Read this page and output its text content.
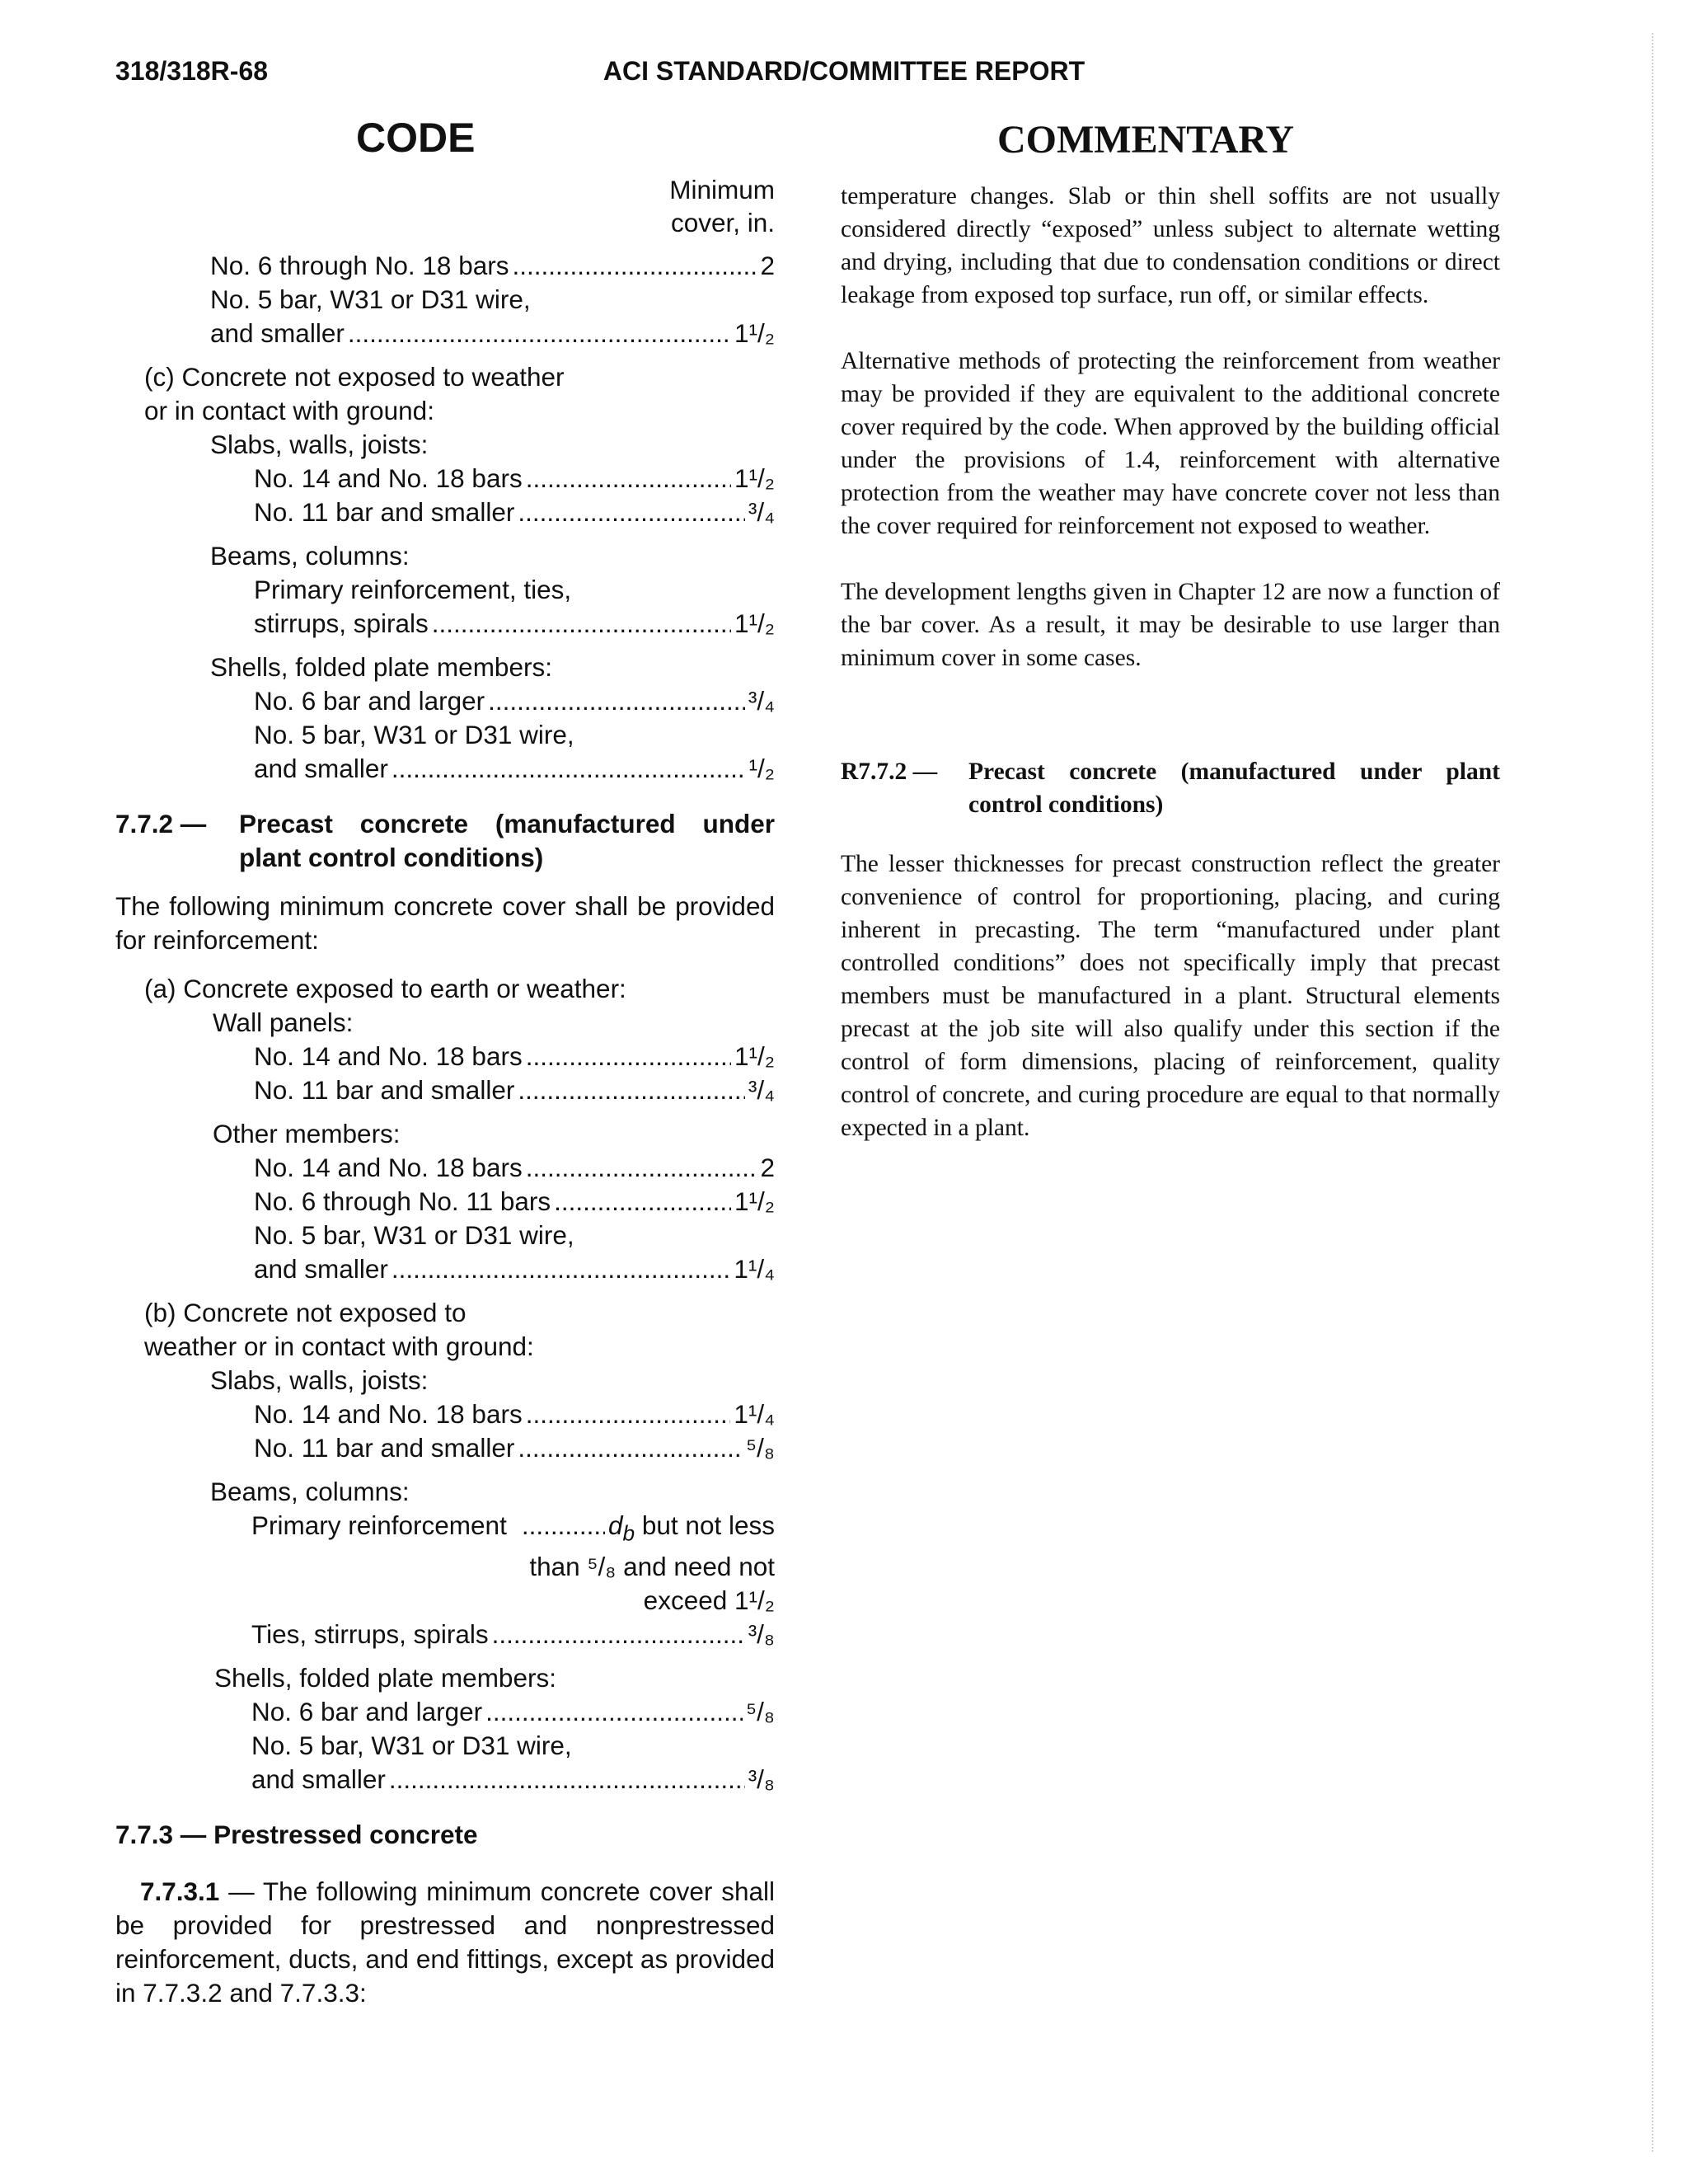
318/318R-68	ACI STANDARD/COMMITTEE REPORT
CODE	COMMENTARY
Minimum
cover, in.
No. 6 through No. 18 bars .....	2
No. 5 bar, W31 or D31 wire,
and smaller .....	1¹/₂
(c) Concrete not exposed to weather
or in contact with ground:
Slabs, walls, joists:
No. 14 and No. 18 bars .....	1¹/₂
No. 11 bar and smaller .....	³/₄
Beams, columns:
Primary reinforcement, ties,
stirrups, spirals .....	1¹/₂
Shells, folded plate members:
No. 6 bar and larger .....	³/₄
No. 5 bar, W31 or D31 wire,
and smaller .....	¹/₂
7.7.2 —	Precast concrete (manufactured under plant control conditions)
The following minimum concrete cover shall be provided for reinforcement:
(a) Concrete exposed to earth or weather:
Wall panels:
No. 14 and No. 18 bars .....	1¹/₂
No. 11 bar and smaller .....	³/₄
Other members:
No. 14 and No. 18 bars .....	2
No. 6 through No. 11 bars .....	1¹/₂
No. 5 bar, W31 or D31 wire,
and smaller .....	1¹/₄
(b) Concrete not exposed to
weather or in contact with ground:
Slabs, walls, joists:
No. 14 and No. 18 bars .....	1¹/₄
No. 11 bar and smaller .....	⁵/₈
Beams, columns:
Primary reinforcement .....	$d_b$ but not less
than ⁵/₈ and need not
exceed 1¹/₂
Ties, stirrups, spirals .....	³/₈
Shells, folded plate members:
No. 6 bar and larger .....	⁵/₈
No. 5 bar, W31 or D31 wire,
and smaller .....	³/₈
7.7.3 — Prestressed concrete
7.7.3.1 — The following minimum concrete cover shall be provided for prestressed and nonprestressed reinforcement, ducts, and end fittings, except as provided in 7.7.3.2 and 7.7.3.3:

temperature changes. Slab or thin shell soffits are not usually considered directly “exposed” unless subject to alternate wetting and drying, including that due to condensation conditions or direct leakage from exposed top surface, run off, or similar effects.

Alternative methods of protecting the reinforcement from weather may be provided if they are equivalent to the additional concrete cover required by the code. When approved by the building official under the provisions of 1.4, reinforcement with alternative protection from the weather may have concrete cover not less than the cover required for reinforcement not exposed to weather.

The development lengths given in Chapter 12 are now a function of the bar cover. As a result, it may be desirable to use larger than minimum cover in some cases.

R7.7.2 —	Precast concrete (manufactured under plant control conditions)

The lesser thicknesses for precast construction reflect the greater convenience of control for proportioning, placing, and curing inherent in precasting. The term “manufactured under plant controlled conditions” does not specifically imply that precast members must be manufactured in a plant. Structural elements precast at the job site will also qualify under this section if the control of form dimensions, placing of reinforcement, quality control of concrete, and curing procedure are equal to that normally expected in a plant.
